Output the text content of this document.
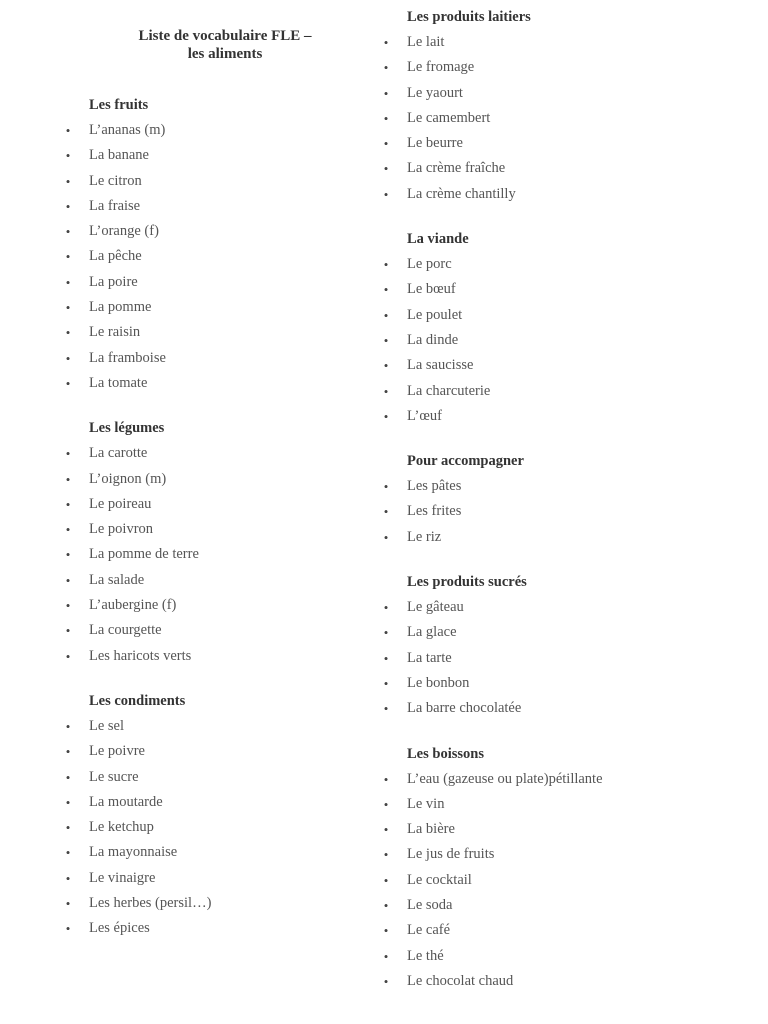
Liste de vocabulaire FLE –
les aliments
Les fruits
• L’ananas (m)
• La banane
• Le citron
• La fraise
• L’orange (f)
• La pêche
• La poire
• La pomme
• Le raisin
• La framboise
• La tomate
Les légumes
• La carotte
• L’oignon (m)
• Le poireau
• Le poivron
• La pomme de terre
• La salade
• L’aubergine (f)
• La courgette
• Les haricots verts
Les condiments
• Le sel
• Le poivre
• Le sucre
• La moutarde
• Le ketchup
• La mayonnaise
• Le vinaigre
• Les herbes (persil…)
• Les épices
Les produits laitiers
• Le lait
• Le fromage
• Le yaourt
• Le camembert
• Le beurre
• La crème fraîche
• La crème chantilly
La viande
• Le porc
• Le bœuf
• Le poulet
• La dinde
• La saucisse
• La charcuterie
• L’œuf
Pour accompagner
• Les pâtes
• Les frites
• Le riz
Les produits sucrés
• Le gâteau
• La glace
• La tarte
• Le bonbon
• La barre chocolatée
Les boissons
• L’eau (gazeuse ou plate)pétillante
• Le vin
• La bière
• Le jus de fruits
• Le cocktail
• Le soda
• Le café
• Le thé
• Le chocolat chaud
